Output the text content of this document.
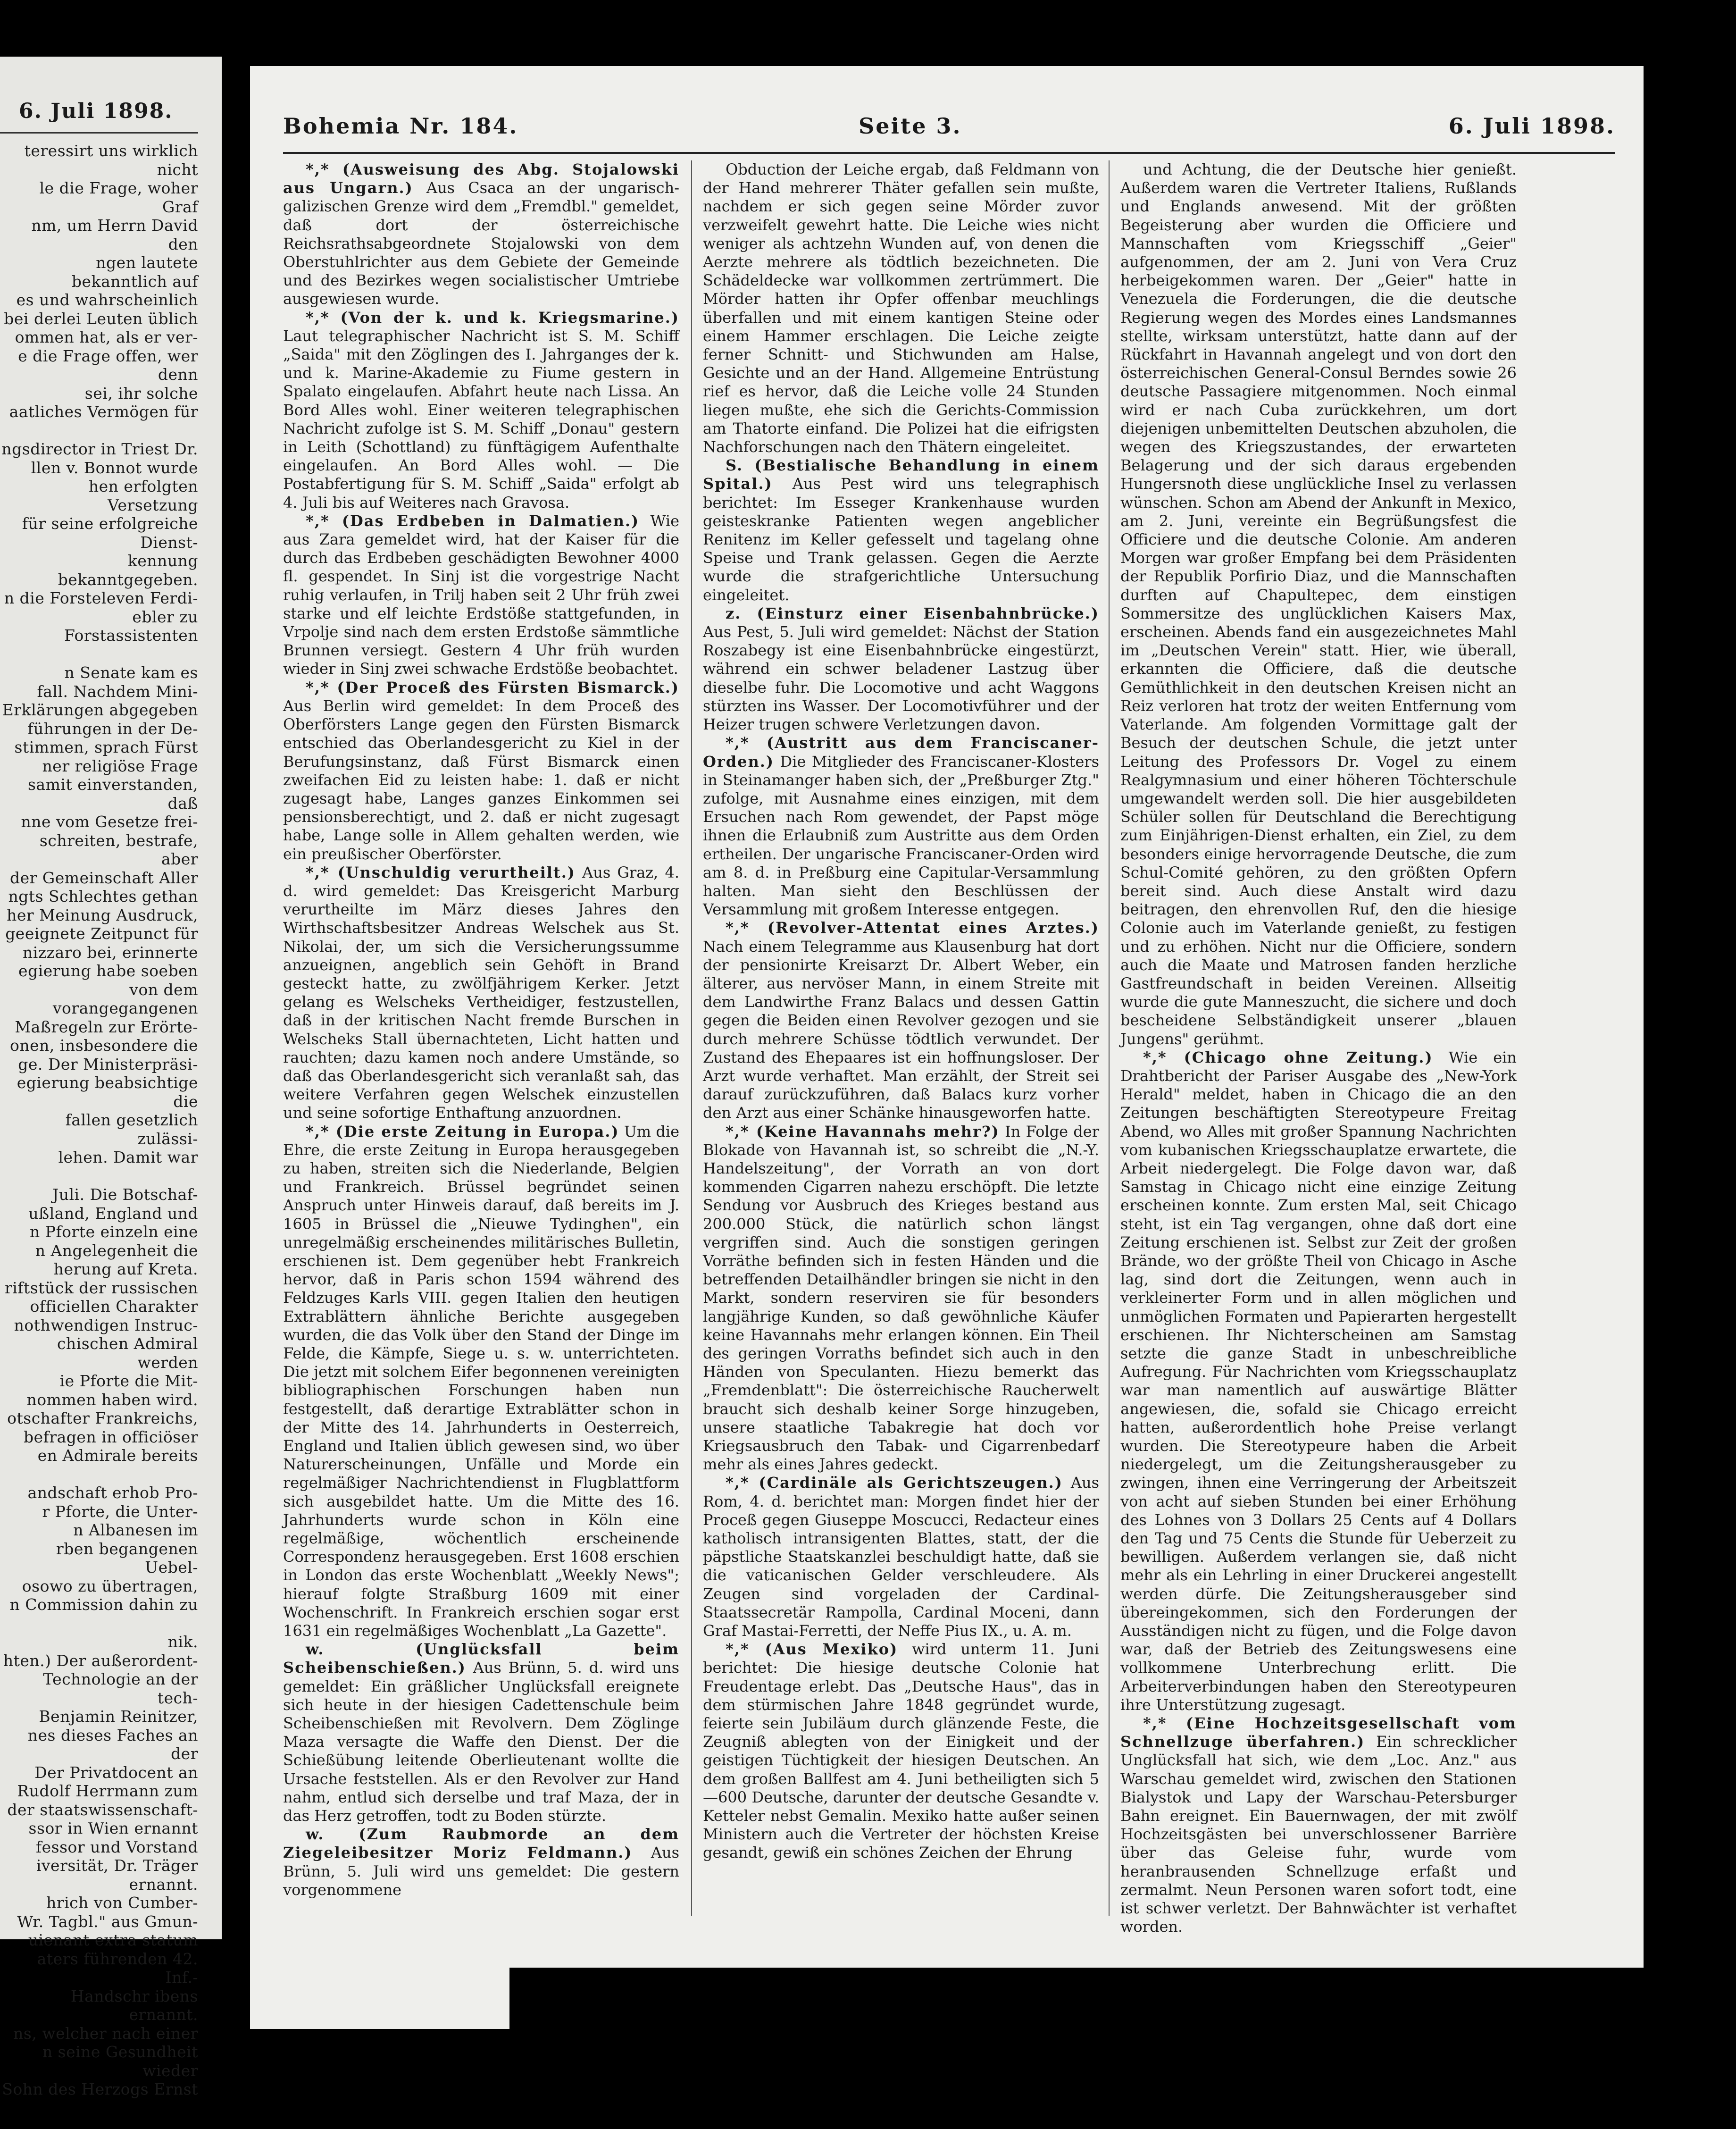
6. Juli 1898.
teressirt uns wirklich nicht
le die Frage, woher Graf
nm, um Herrn David den
ngen lautete bekanntlich auf
es und wahrscheinlich
bei derlei Leuten üblich
ommen hat, als er ver-
e die Frage offen, wer denn
sei, ihr solche
aatliches Vermögen für

ngsdirector in Triest Dr.
llen v. Bonnot wurde
hen erfolgten Versetzung
für seine erfolgreiche Dienst-
kennung bekanntgegeben.
n die Forsteleven Ferdi-
ebler zu Forstassistenten

n Senate kam es
fall. Nachdem Mini-
Erklärungen abgegeben
führungen in der De-
stimmen, sprach Fürst
ner religiöse Frage
samit einverstanden, daß
nne vom Gesetze frei-
schreiten, bestrafe, aber
der Gemeinschaft Aller
ngts Schlechtes gethan
her Meinung Ausdruck,
geeignete Zeitpunct für
nizzaro bei, erinnerte
egierung habe soeben
von dem vorangegangenen
Maßregeln zur Erörte-
onen, insbesondere die
ge. Der Ministerpräsi-
egierung beabsichtige die
fallen gesetzlich zulässi-
lehen. Damit war

Juli. Die Botschaf-
ußland, England und
n Pforte einzeln eine
n Angelegenheit die
herung auf Kreta.
riftstück der russischen
officiellen Charakter
nothwendigen Instruc-
chischen Admiral werden
ie Pforte die Mit-
nommen haben wird.
otschafter Frankreichs,
befragen in officiöser
en Admirale bereits

andschaft erhob Pro-
r Pforte, die Unter-
n Albanesen im
rben begangenen Uebel-
osowo zu übertragen,
n Commission dahin zu

nik.
hten.) Der außerordent-
Technologie an der tech-
Benjamin Reinitzer,
nes dieses Faches an der
Der Privatdocent an
Rudolf Herrmann zum
der staatswissenschaft-
ssor in Wien ernannt
fessor und Vorstand
iversität, Dr. Träger
ernannt.
hrich von Cumber-
Wr. Tagbl." aus Gmun-
uienant extra statum
aters führenden 42. Inf.-
Handschr ibens ernannt.
ns, welcher nach einer
n seine Gesundheit wieder
Sohn des Herzogs Ernst
Bohemia Nr. 184.	Seite 3.	6. Juli 1898.

*,* (Ausweisung des Abg. Stojalowski aus Ungarn.) Aus Csaca an der ungarisch-galizischen Grenze wird dem „Fremdbl." gemeldet, daß dort der österreichische Reichsrathsabgeordnete Stojalowski von dem Oberstuhlrichter aus dem Gebiete der Gemeinde und des Bezirkes wegen socialistischer Umtriebe ausgewiesen wurde.

*,* (Von der k. und k. Kriegsmarine.) Laut telegraphischer Nachricht ist S. M. Schiff „Saida" mit den Zöglingen des I. Jahrganges der k. und k. Marine-Akademie zu Fiume gestern in Spalato eingelaufen. Abfahrt heute nach Lissa. An Bord Alles wohl. Einer weiteren telegraphischen Nachricht zufolge ist S. M. Schiff „Donau" gestern in Leith (Schottland) zu fünftägigem Aufenthalte eingelaufen. An Bord Alles wohl. — Die Postabfertigung für S. M. Schiff „Saida" erfolgt ab 4. Juli bis auf Weiteres nach Gravosa.

*,* (Das Erdbeben in Dalmatien.) Wie aus Zara gemeldet wird, hat der Kaiser für die durch das Erdbeben geschädigten Bewohner 4000 fl. gespendet. In Sinj ist die vorgestrige Nacht ruhig verlaufen, in Trilj haben seit 2 Uhr früh zwei starke und elf leichte Erdstöße stattgefunden, in Vrpolje sind nach dem ersten Erdstoße sämmtliche Brunnen versiegt. Gestern 4 Uhr früh wurden wieder in Sinj zwei schwache Erdstöße beobachtet.

*,* (Der Proceß des Fürsten Bismarck.) Aus Berlin wird gemeldet: In dem Proceß des Oberförsters Lange gegen den Fürsten Bismarck entschied das Oberlandesgericht zu Kiel in der Berufungsinstanz, daß Fürst Bismarck einen zweifachen Eid zu leisten habe: 1. daß er nicht zugesagt habe, Langes ganzes Einkommen sei pensionsberechtigt, und 2. daß er nicht zugesagt habe, Lange solle in Allem gehalten werden, wie ein preußischer Oberförster.

*,* (Unschuldig verurtheilt.) Aus Graz, 4. d. wird gemeldet: Das Kreisgericht Marburg verurtheilte im März dieses Jahres den Wirthschaftsbesitzer Andreas Welschek aus St. Nikolai, der, um sich die Versicherungssumme anzueignen, angeblich sein Gehöft in Brand gesteckt hatte, zu zwölfjährigem Kerker. Jetzt gelang es Welscheks Vertheidiger, festzustellen, daß in der kritischen Nacht fremde Burschen in Welscheks Stall übernachteten, Licht hatten und rauchten; dazu kamen noch andere Umstände, so daß das Oberlandesgericht sich veranlaßt sah, das weitere Verfahren gegen Welschek einzustellen und seine sofortige Enthaftung anzuordnen.

*,* (Die erste Zeitung in Europa.) Um die Ehre, die erste Zeitung in Europa herausgegeben zu haben, streiten sich die Niederlande, Belgien und Frankreich. Brüssel begründet seinen Anspruch unter Hinweis darauf, daß bereits im J. 1605 in Brüssel die „Nieuwe Tydinghen", ein unregelmäßig erscheinendes militärisches Bulletin, erschienen ist. Dem gegenüber hebt Frankreich hervor, daß in Paris schon 1594 während des Feldzuges Karls VIII. gegen Italien den heutigen Extrablättern ähnliche Berichte ausgegeben wurden, die das Volk über den Stand der Dinge im Felde, die Kämpfe, Siege u. s. w. unterrichteten. Die jetzt mit solchem Eifer begonnenen vereinigten bibliographischen Forschungen haben nun festgestellt, daß derartige Extrablätter schon in der Mitte des 14. Jahrhunderts in Oesterreich, England und Italien üblich gewesen sind, wo über Naturerscheinungen, Unfälle und Morde ein regelmäßiger Nachrichtendienst in Flugblattform sich ausgebildet hatte. Um die Mitte des 16. Jahrhunderts wurde schon in Köln eine regelmäßige, wöchentlich erscheinende Correspondenz herausgegeben. Erst 1608 erschien in London das erste Wochenblatt „Weekly News"; hierauf folgte Straßburg 1609 mit einer Wochenschrift. In Frankreich erschien sogar erst 1631 ein regelmäßiges Wochenblatt „La Gazette".

w. (Unglücksfall beim Scheibenschießen.) Aus Brünn, 5. d. wird uns gemeldet: Ein gräßlicher Unglücksfall ereignete sich heute in der hiesigen Cadettenschule beim Scheibenschießen mit Revolvern. Dem Zöglinge Maza versagte die Waffe den Dienst. Der die Schießübung leitende Oberlieutenant wollte die Ursache feststellen. Als er den Revolver zur Hand nahm, entlud sich derselbe und traf Maza, der in das Herz getroffen, todt zu Boden stürzte.

w. (Zum Raubmorde an dem Ziegeleibesitzer Moriz Feldmann.) Aus Brünn, 5. Juli wird uns gemeldet: Die gestern vorgenommene

Obduction der Leiche ergab, daß Feldmann von der Hand mehrerer Thäter gefallen sein mußte, nachdem er sich gegen seine Mörder zuvor verzweifelt gewehrt hatte. Die Leiche wies nicht weniger als achtzehn Wunden auf, von denen die Aerzte mehrere als tödtlich bezeichneten. Die Schädeldecke war vollkommen zertrümmert. Die Mörder hatten ihr Opfer offenbar meuchlings überfallen und mit einem kantigen Steine oder einem Hammer erschlagen. Die Leiche zeigte ferner Schnitt- und Stichwunden am Halse, Gesichte und an der Hand. Allgemeine Entrüstung rief es hervor, daß die Leiche volle 24 Stunden liegen mußte, ehe sich die Gerichts-Commission am Thatorte einfand. Die Polizei hat die eifrigsten Nachforschungen nach den Thätern eingeleitet.

S. (Bestialische Behandlung in einem Spital.) Aus Pest wird uns telegraphisch berichtet: Im Esseger Krankenhause wurden geisteskranke Patienten wegen angeblicher Renitenz im Keller gefesselt und tagelang ohne Speise und Trank gelassen. Gegen die Aerzte wurde die strafgerichtliche Untersuchung eingeleitet.

z. (Einsturz einer Eisenbahnbrücke.) Aus Pest, 5. Juli wird gemeldet: Nächst der Station Roszabegy ist eine Eisenbahnbrücke eingestürzt, während ein schwer beladener Lastzug über dieselbe fuhr. Die Locomotive und acht Waggons stürzten ins Wasser. Der Locomotivführer und der Heizer trugen schwere Verletzungen davon.

*,* (Austritt aus dem Franciscaner-Orden.) Die Mitglieder des Franciscaner-Klosters in Steinamanger haben sich, der „Preßburger Ztg." zufolge, mit Ausnahme eines einzigen, mit dem Ersuchen nach Rom gewendet, der Papst möge ihnen die Erlaubniß zum Austritte aus dem Orden ertheilen. Der ungarische Franciscaner-Orden wird am 8. d. in Preßburg eine Capitular-Versammlung halten. Man sieht den Beschlüssen der Versammlung mit großem Interesse entgegen.

*,* (Revolver-Attentat eines Arztes.) Nach einem Telegramme aus Klausenburg hat dort der pensionirte Kreisarzt Dr. Albert Weber, ein älterer, aus nervöser Mann, in einem Streite mit dem Landwirthe Franz Balacs und dessen Gattin gegen die Beiden einen Revolver gezogen und sie durch mehrere Schüsse tödtlich verwundet. Der Zustand des Ehepaares ist ein hoffnungsloser. Der Arzt wurde verhaftet. Man erzählt, der Streit sei darauf zurückzuführen, daß Balacs kurz vorher den Arzt aus einer Schänke hinausgeworfen hatte.

*,* (Keine Havannahs mehr?) In Folge der Blokade von Havannah ist, so schreibt die „N.-Y. Handelszeitung", der Vorrath an von dort kommenden Cigarren nahezu erschöpft. Die letzte Sendung vor Ausbruch des Krieges bestand aus 200.000 Stück, die natürlich schon längst vergriffen sind. Auch die sonstigen geringen Vorräthe befinden sich in festen Händen und die betreffenden Detailhändler bringen sie nicht in den Markt, sondern reserviren sie für besonders langjährige Kunden, so daß gewöhnliche Käufer keine Havannahs mehr erlangen können. Ein Theil des geringen Vorraths befindet sich auch in den Händen von Speculanten. Hiezu bemerkt das „Fremdenblatt": Die österreichische Raucherwelt braucht sich deshalb keiner Sorge hinzugeben, unsere staatliche Tabakregie hat doch vor Kriegsausbruch den Tabak- und Cigarrenbedarf mehr als eines Jahres gedeckt.

*,* (Cardinäle als Gerichtszeugen.) Aus Rom, 4. d. berichtet man: Morgen findet hier der Proceß gegen Giuseppe Moscucci, Redacteur eines katholisch intransigenten Blattes, statt, der die päpstliche Staatskanzlei beschuldigt hatte, daß sie die vaticanischen Gelder verschleudere. Als Zeugen sind vorgeladen der Cardinal-Staatssecretär Rampolla, Cardinal Moceni, dann Graf Mastai-Ferretti, der Neffe Pius IX., u. A. m.

*,* (Aus Mexiko) wird unterm 11. Juni berichtet: Die hiesige deutsche Colonie hat Freudentage erlebt. Das „Deutsche Haus", das in dem stürmischen Jahre 1848 gegründet wurde, feierte sein Jubiläum durch glänzende Feste, die Zeugniß ablegten von der Einigkeit und der geistigen Tüchtigkeit der hiesigen Deutschen. An dem großen Ballfest am 4. Juni betheiligten sich 5—600 Deutsche, darunter der deutsche Gesandte v. Ketteler nebst Gemalin. Mexiko hatte außer seinen Ministern auch die Vertreter der höchsten Kreise gesandt, gewiß ein schönes Zeichen der Ehrung

und Achtung, die der Deutsche hier genießt. Außerdem waren die Vertreter Italiens, Rußlands und Englands anwesend. Mit der größten Begeisterung aber wurden die Officiere und Mannschaften vom Kriegsschiff „Geier" aufgenommen, der am 2. Juni von Vera Cruz herbeigekommen waren. Der „Geier" hatte in Venezuela die Forderungen, die die deutsche Regierung wegen des Mordes eines Landsmannes stellte, wirksam unterstützt, hatte dann auf der Rückfahrt in Havannah angelegt und von dort den österreichischen General-Consul Berndes sowie 26 deutsche Passagiere mitgenommen. Noch einmal wird er nach Cuba zurückkehren, um dort diejenigen unbemittelten Deutschen abzuholen, die wegen des Kriegszustandes, der erwarteten Belagerung und der sich daraus ergebenden Hungersnoth diese unglückliche Insel zu verlassen wünschen. Schon am Abend der Ankunft in Mexico, am 2. Juni, vereinte ein Begrüßungsfest die Officiere und die deutsche Colonie. Am anderen Morgen war großer Empfang bei dem Präsidenten der Republik Porfirio Diaz, und die Mannschaften durften auf Chapultepec, dem einstigen Sommersitze des unglücklichen Kaisers Max, erscheinen. Abends fand ein ausgezeichnetes Mahl im „Deutschen Verein" statt. Hier, wie überall, erkannten die Officiere, daß die deutsche Gemüthlichkeit in den deutschen Kreisen nicht an Reiz verloren hat trotz der weiten Entfernung vom Vaterlande. Am folgenden Vormittage galt der Besuch der deutschen Schule, die jetzt unter Leitung des Professors Dr. Vogel zu einem Realgymnasium und einer höheren Töchterschule umgewandelt werden soll. Die hier ausgebildeten Schüler sollen für Deutschland die Berechtigung zum Einjährigen-Dienst erhalten, ein Ziel, zu dem besonders einige hervorragende Deutsche, die zum Schul-Comité gehören, zu den größten Opfern bereit sind. Auch diese Anstalt wird dazu beitragen, den ehrenvollen Ruf, den die hiesige Colonie auch im Vaterlande genießt, zu festigen und zu erhöhen. Nicht nur die Officiere, sondern auch die Maate und Matrosen fanden herzliche Gastfreundschaft in beiden Vereinen. Allseitig wurde die gute Manneszucht, die sichere und doch bescheidene Selbständigkeit unserer „blauen Jungens" gerühmt.

*,* (Chicago ohne Zeitung.) Wie ein Drahtbericht der Pariser Ausgabe des „New-York Herald" meldet, haben in Chicago die an den Zeitungen beschäftigten Stereotypeure Freitag Abend, wo Alles mit großer Spannung Nachrichten vom kubanischen Kriegsschauplatze erwartete, die Arbeit niedergelegt. Die Folge davon war, daß Samstag in Chicago nicht eine einzige Zeitung erscheinen konnte. Zum ersten Mal, seit Chicago steht, ist ein Tag vergangen, ohne daß dort eine Zeitung erschienen ist. Selbst zur Zeit der großen Brände, wo der größte Theil von Chicago in Asche lag, sind dort die Zeitungen, wenn auch in verkleinerter Form und in allen möglichen und unmöglichen Formaten und Papierarten hergestellt erschienen. Ihr Nichterscheinen am Samstag setzte die ganze Stadt in unbeschreibliche Aufregung. Für Nachrichten vom Kriegsschauplatz war man namentlich auf auswärtige Blätter angewiesen, die, sofald sie Chicago erreicht hatten, außerordentlich hohe Preise verlangt wurden. Die Stereotypeure haben die Arbeit niedergelegt, um die Zeitungsherausgeber zu zwingen, ihnen eine Verringerung der Arbeitszeit von acht auf sieben Stunden bei einer Erhöhung des Lohnes von 3 Dollars 25 Cents auf 4 Dollars den Tag und 75 Cents die Stunde für Ueberzeit zu bewilligen. Außerdem verlangen sie, daß nicht mehr als ein Lehrling in einer Druckerei angestellt werden dürfe. Die Zeitungsherausgeber sind übereingekommen, sich den Forderungen der Ausständigen nicht zu fügen, und die Folge davon war, daß der Betrieb des Zeitungswesens eine vollkommene Unterbrechung erlitt. Die Arbeiterverbindungen haben den Stereotypeuren ihre Unterstützung zugesagt.

*,* (Eine Hochzeitsgesellschaft vom Schnellzuge überfahren.) Ein schrecklicher Unglücksfall hat sich, wie dem „Loc. Anz." aus Warschau gemeldet wird, zwischen den Stationen Bialystok und Lapy der Warschau-Petersburger Bahn ereignet. Ein Bauernwagen, der mit zwölf Hochzeitsgästen bei unverschlossener Barrière über das Geleise fuhr, wurde vom heranbrausenden Schnellzuge erfaßt und zermalmt. Neun Personen waren sofort todt, eine ist schwer verletzt. Der Bahnwächter ist verhaftet worden.
